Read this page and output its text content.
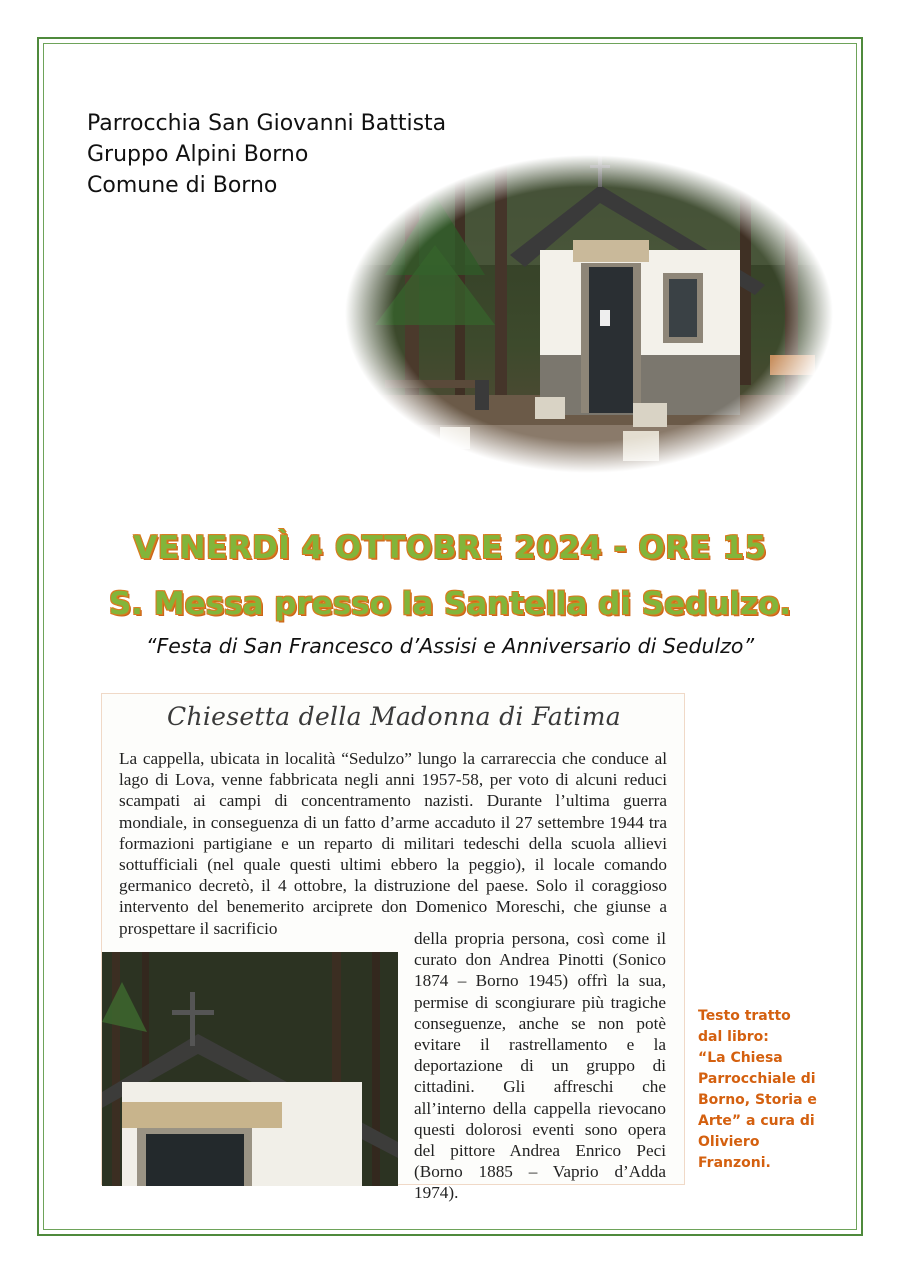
Parrocchia San Giovanni Battista
Gruppo Alpini Borno
Comune di Borno
VENERDÌ 4 OTTOBRE 2024 - ORE 15
S. Messa presso la Santella di Sedulzo.
“Festa di San Francesco d’Assisi e Anniversario di Sedulzo”
Chiesetta della Madonna di Fatima
La cappella, ubicata in località “Sedulzo” lungo la carrareccia che conduce al lago di Lova, venne fabbricata negli anni 1957-58, per voto di alcuni reduci scampati ai campi di concentramento nazisti. Durante l’ultima guerra mondiale, in conseguenza di un fatto d’arme accaduto il 27 settembre 1944 tra formazioni partigiane e un reparto di militari tedeschi della scuola allievi sottufficiali (nel quale questi ultimi ebbero la peggio), il locale comando germanico decretò, il 4 ottobre, la distruzione del paese. Solo il coraggioso intervento del benemerito arciprete don Domenico Moreschi, che giunse a prospettare il sacrificio
della propria persona, così come il curato don Andrea Pinotti (Sonico 1874 – Borno 1945) offrì la sua, permise di scongiurare più tragiche conseguenze, anche se non potè evitare il rastrellamento e la deportazione di un gruppo di cittadini. Gli affreschi che all’interno della cappella rievocano questi dolorosi eventi sono opera del pittore Andrea Enrico Peci (Borno 1885 – Vaprio d’Adda 1974).
Testo tratto
dal libro:
“La Chiesa
Parrocchiale di
Borno, Storia e
Arte” a cura di
Oliviero
Franzoni.
